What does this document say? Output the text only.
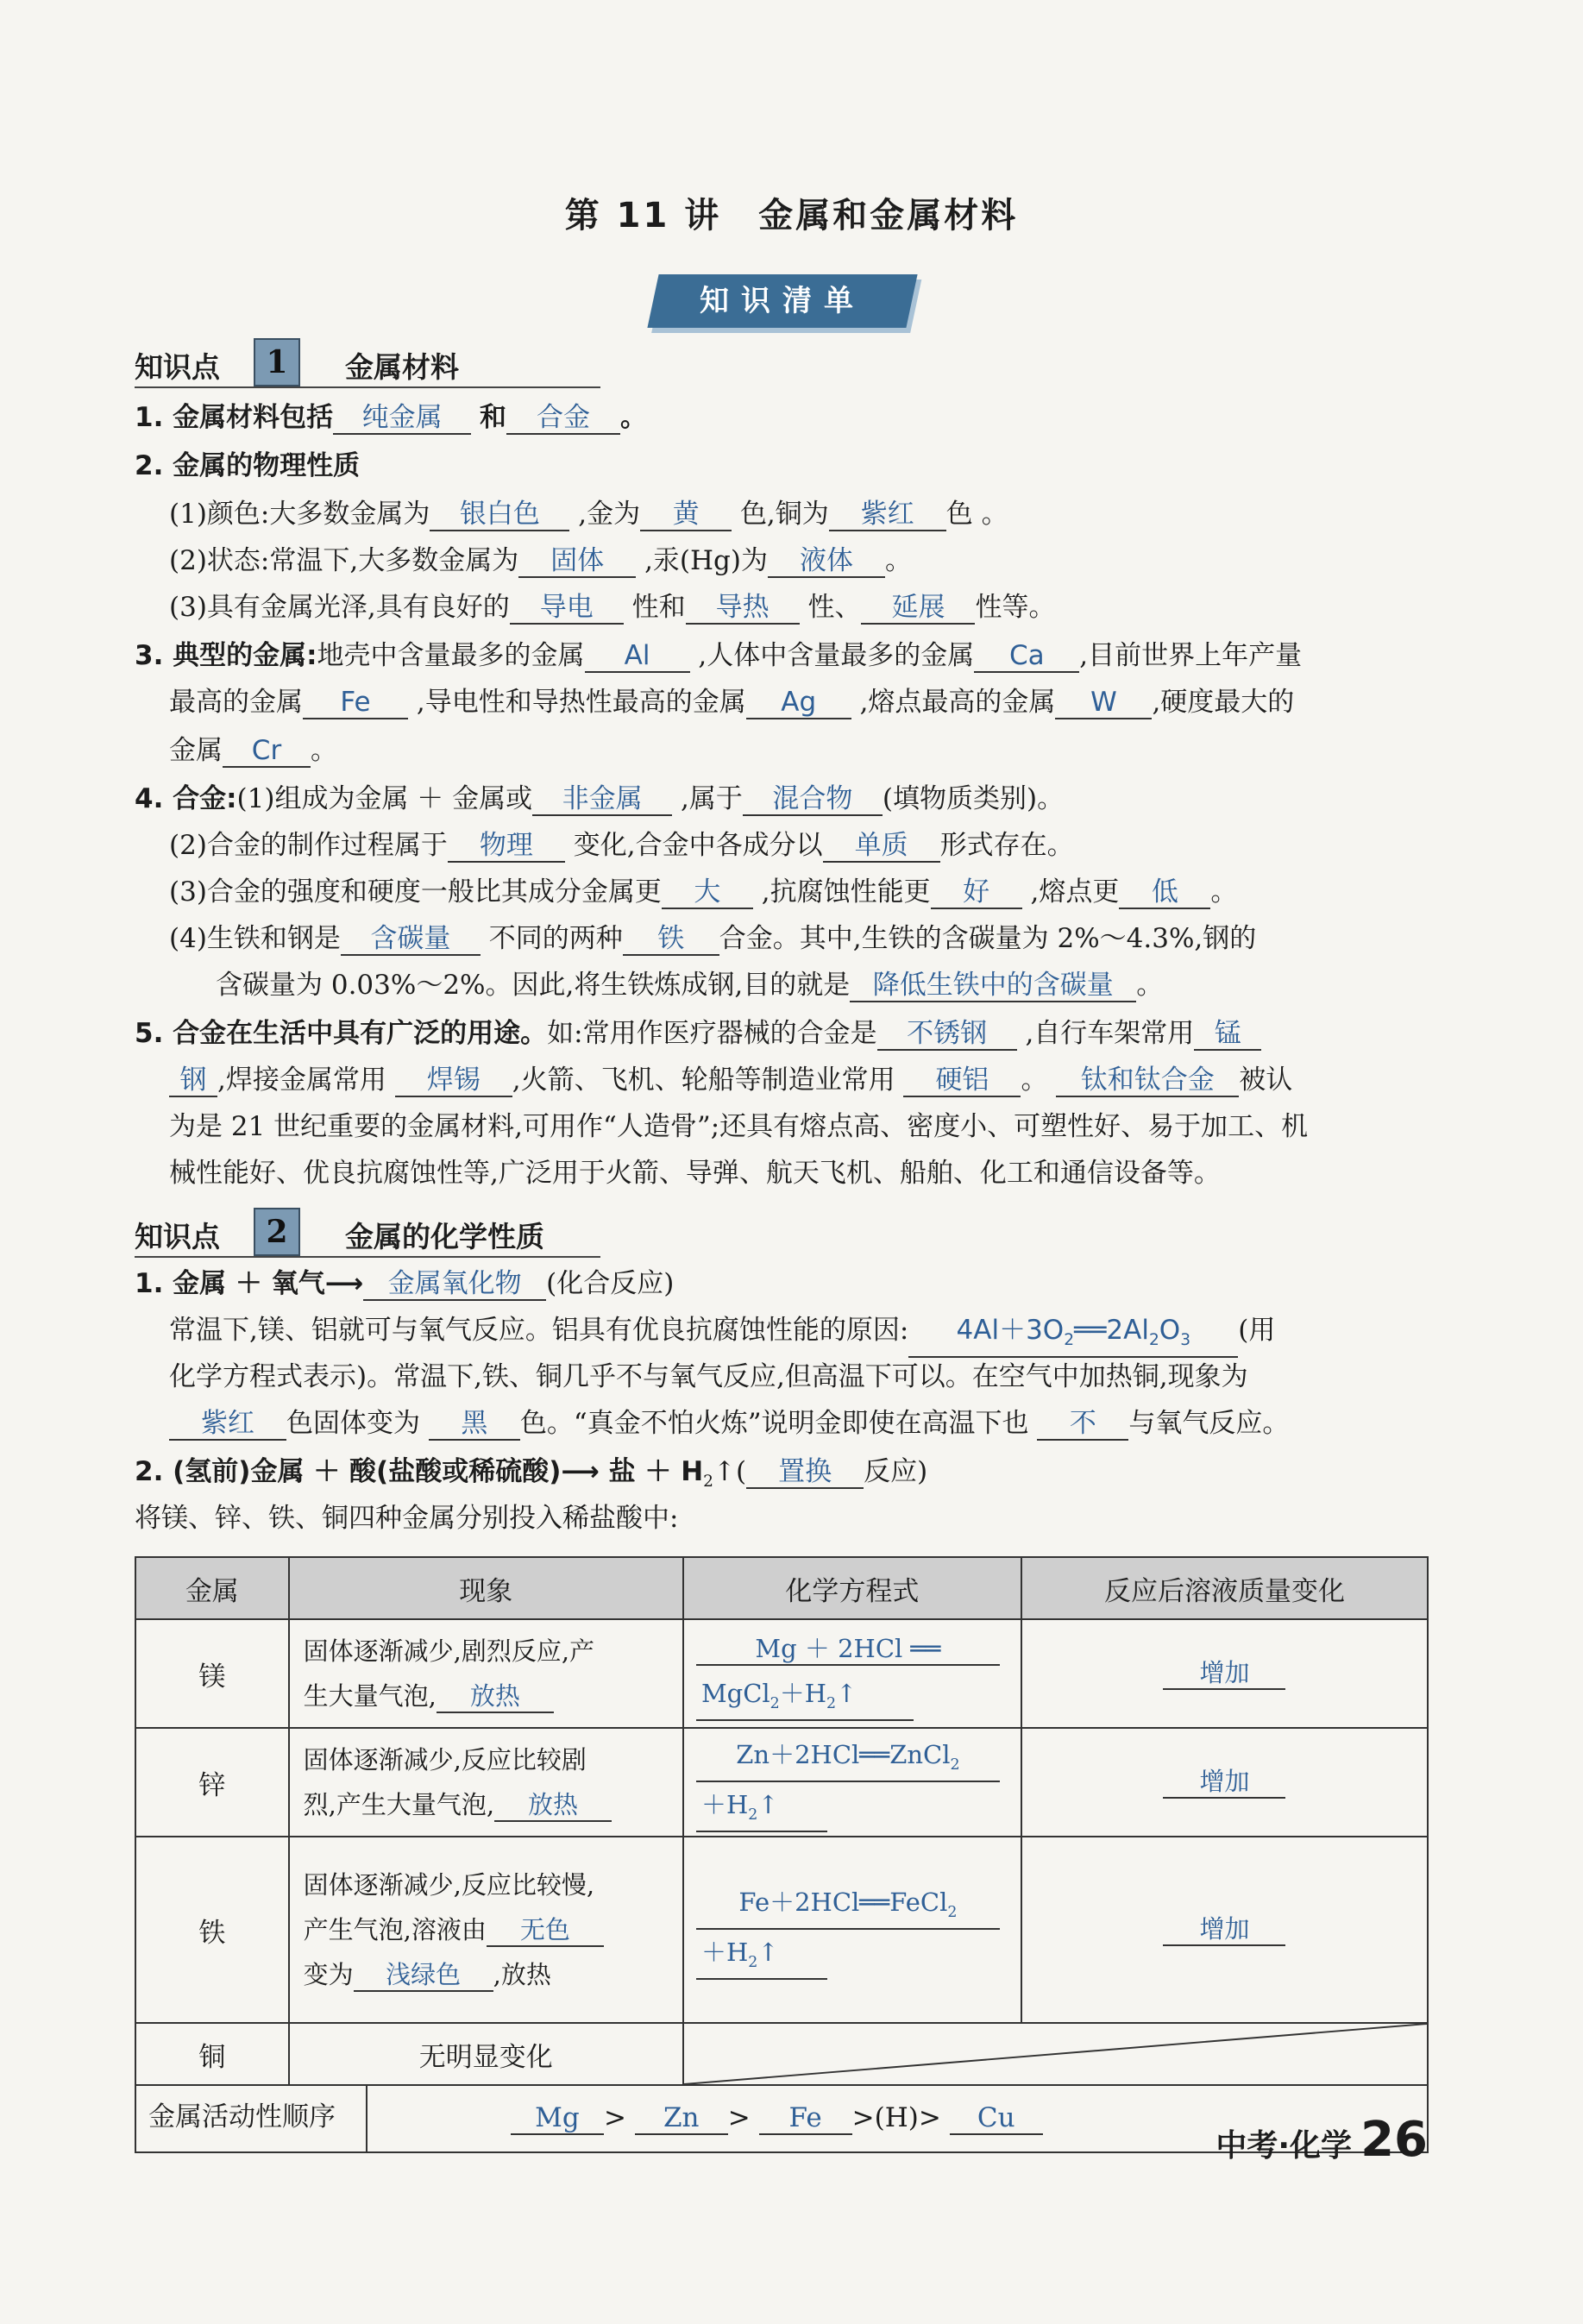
第 11 讲　金属和金属材料
知识清单
知识点	1	金属材料
1. 金属材料包括 纯金属 和 合金 。
2. 金属的物理性质
(1)颜色:大多数金属为 银白色 ,金为 黄 色,铜为 紫红 色 。
(2)状态:常温下,大多数金属为 固体 ,汞(Hg)为 液体 。
(3)具有金属光泽,具有良好的 导电 性和 导热 性、 延展 性等。
3. 典型的金属:地壳中含量最多的金属 Al ,人体中含量最多的金属 Ca ,目前世界上年产量
最高的金属 Fe ,导电性和导热性最高的金属 Ag ,熔点最高的金属 W ,硬度最大的
金属 Cr 。
4. 合金:(1)组成为金属 ＋ 金属或 非金属 ,属于 混合物 (填物质类别)。
(2)合金的制作过程属于 物理 变化,合金中各成分以 单质 形式存在。
(3)合金的强度和硬度一般比其成分金属更 大 ,抗腐蚀性能更 好 ,熔点更 低 。
(4)生铁和钢是 含碳量 不同的两种 铁 合金。其中,生铁的含碳量为 2%～4.3%,钢的
含碳量为 0.03%～2%。因此,将生铁炼成钢,目的就是 降低生铁中的含碳量 。
5. 合金在生活中具有广泛的用途。如:常用作医疗器械的合金是 不锈钢 ,自行车架常用 锰
钢 ,焊接金属常用 焊锡 ,火箭、飞机、轮船等制造业常用 硬铝 。 钛和钛合金 被认
为是 21 世纪重要的金属材料,可用作“人造骨”;还具有熔点高、密度小、可塑性好、易于加工、机
械性能好、优良抗腐蚀性等,广泛用于火箭、导弹、航天飞机、船舶、化工和通信设备等。
知识点	2	金属的化学性质
1. 金属 ＋ 氧气⟶ 金属氧化物 (化合反应)
常温下,镁、铝就可与氧气反应。铝具有优良抗腐蚀性能的原因: $4Al+3O_2══2Al_2O_3$ (用
化学方程式表示)。常温下,铁、铜几乎不与氧气反应,但高温下可以。在空气中加热铜,现象为
紫红 色固体变为 黑 色。“真金不怕火炼”说明金即使在高温下也 不 与氧气反应。
2. (氢前)金属 ＋ 酸(盐酸或稀硫酸)⟶ 盐 ＋ $H_2↑$( 置换 反应)
将镁、锌、铁、铜四种金属分别投入稀盐酸中:
金属	现象	化学方程式	反应后溶液质量变化
镁	固体逐渐减少,剧烈反应,产
生大量气泡, 放热	Mg ＋ 2HCl ══
$MgCl_2+H_2↑$	增加
锌	固体逐渐减少,反应比较剧
烈,产生大量气泡, 放热	Zn＋2HCl══ZnCl$_2$
$+H_2↑$	增加
铁	固体逐渐减少,反应比较慢,
产生气泡,溶液由 无色
变为 浅绿色 ,放热	Fe＋2HCl══FeCl$_2$
$+H_2↑$	增加
铜	无明显变化	

金属活动性顺序		Mg > Zn > Fe >(H)> Cu	
中考·化学 26
